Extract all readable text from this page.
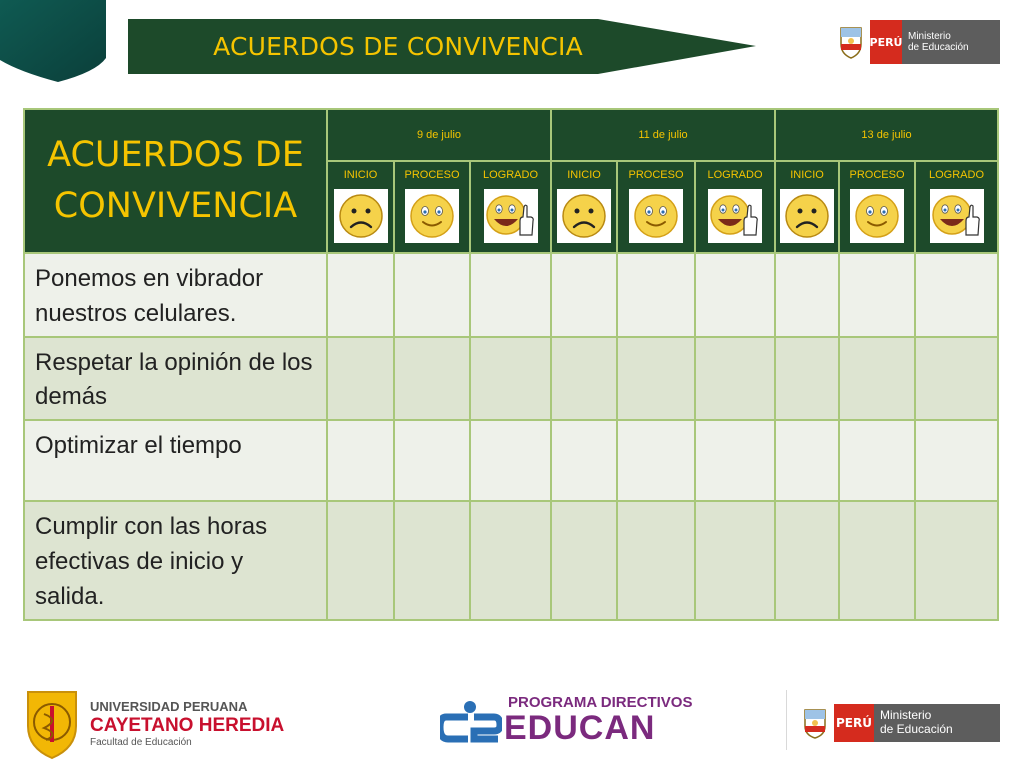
ACUERDOS DE CONVIVENCIA	PERÚ Ministerio
de Educación
ACUERDOS DE
CONVIVENCIA	9 de julio			11 de julio			13 de julio		

	INICIO	PROCESO	LOGRADO	INICIO	PROCESO	LOGRADO	INICIO	PROCESO	LOGRADO

Ponemos en vibrador nuestros celulares.									
Respetar la opinión de los demás									
Optimizar el tiempo									
Cumplir con las horas efectivas de inicio y salida.									
UNIVERSIDAD PERUANA
CAYETANO HEREDIA
Facultad de Educación
PROGRAMA DIRECTIVOS
EDUCAN	PERÚ
Ministerio
de Educación
